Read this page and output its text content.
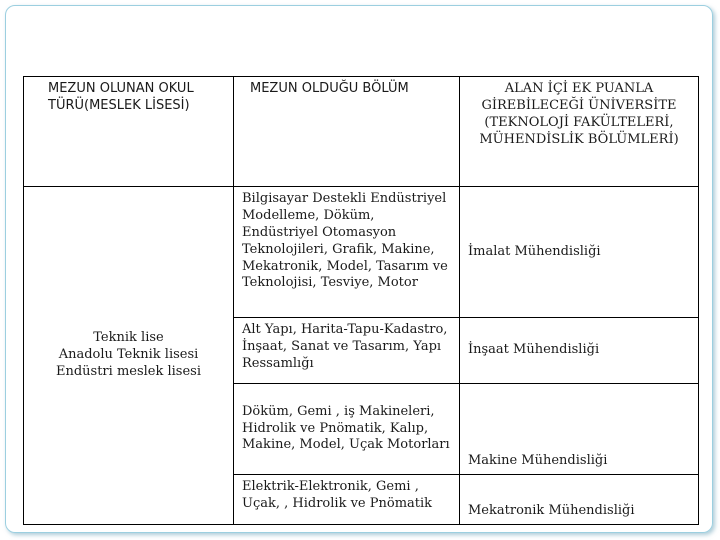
MEZUN OLUNAN OKUL TÜRÜ(MESLEK LİSESİ)	MEZUN OLDUĞU BÖLÜM	ALAN İÇİ EK PUANLA GİREBİLECEĞİ ÜNİVERSİTE (TEKNOLOJİ FAKÜLTELERİ, MÜHENDİSLİK BÖLÜMLERİ)

Teknik lise
Anadolu Teknik lisesi
Endüstri meslek lisesi	Bilgisayar Destekli Endüstriyel Modelleme, Döküm, Endüstriyel Otomasyon Teknolojileri, Grafik, Makine, Mekatronik, Model, Tasarım ve Teknolojisi, Tesviye, Motor	İmalat Mühendisliği
	Alt Yapı, Harita-Tapu-Kadastro, İnşaat, Sanat ve Tasarım, Yapı Ressamlığı	İnşaat Mühendisliği
	Döküm, Gemi , iş Makineleri, Hidrolik ve Pnömatik, Kalıp, Makine, Model, Uçak Motorları	Makine Mühendisliği
	Elektrik-Elektronik, Gemi , Uçak, , Hidrolik ve Pnömatik	Mekatronik Mühendisliği
